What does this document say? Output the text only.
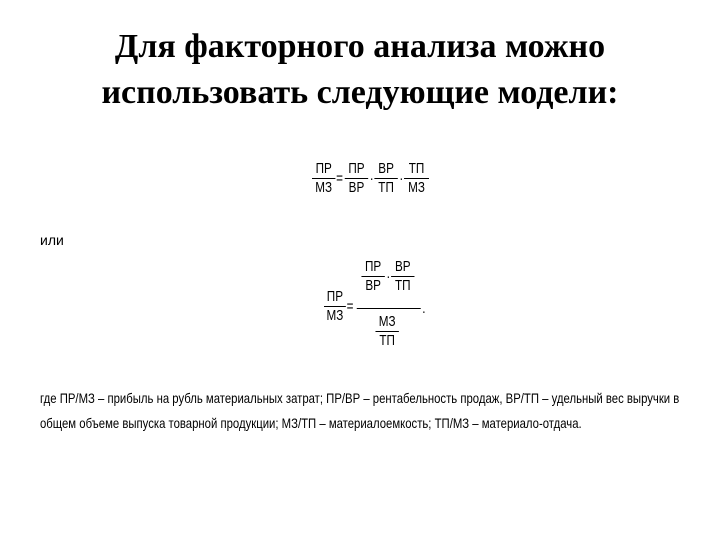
Для факторного анализа можно
использовать следующие модели:
ПР
МЗ
=
ПР
ВР
·
ВР
ТП
·
ТП
МЗ
или
ПР
МЗ
=
ПР
ВР
·
ВР
ТП
МЗ
ТП
.
где ПР/МЗ – прибыль на рубль материальных затрат; ПР/ВР – рентабельность продаж, ВР/ТП – удельный вес выручки в
общем объеме выпуска товарной продукции; МЗ/ТП – материалоемкость; ТП/МЗ – материало-отдача.
